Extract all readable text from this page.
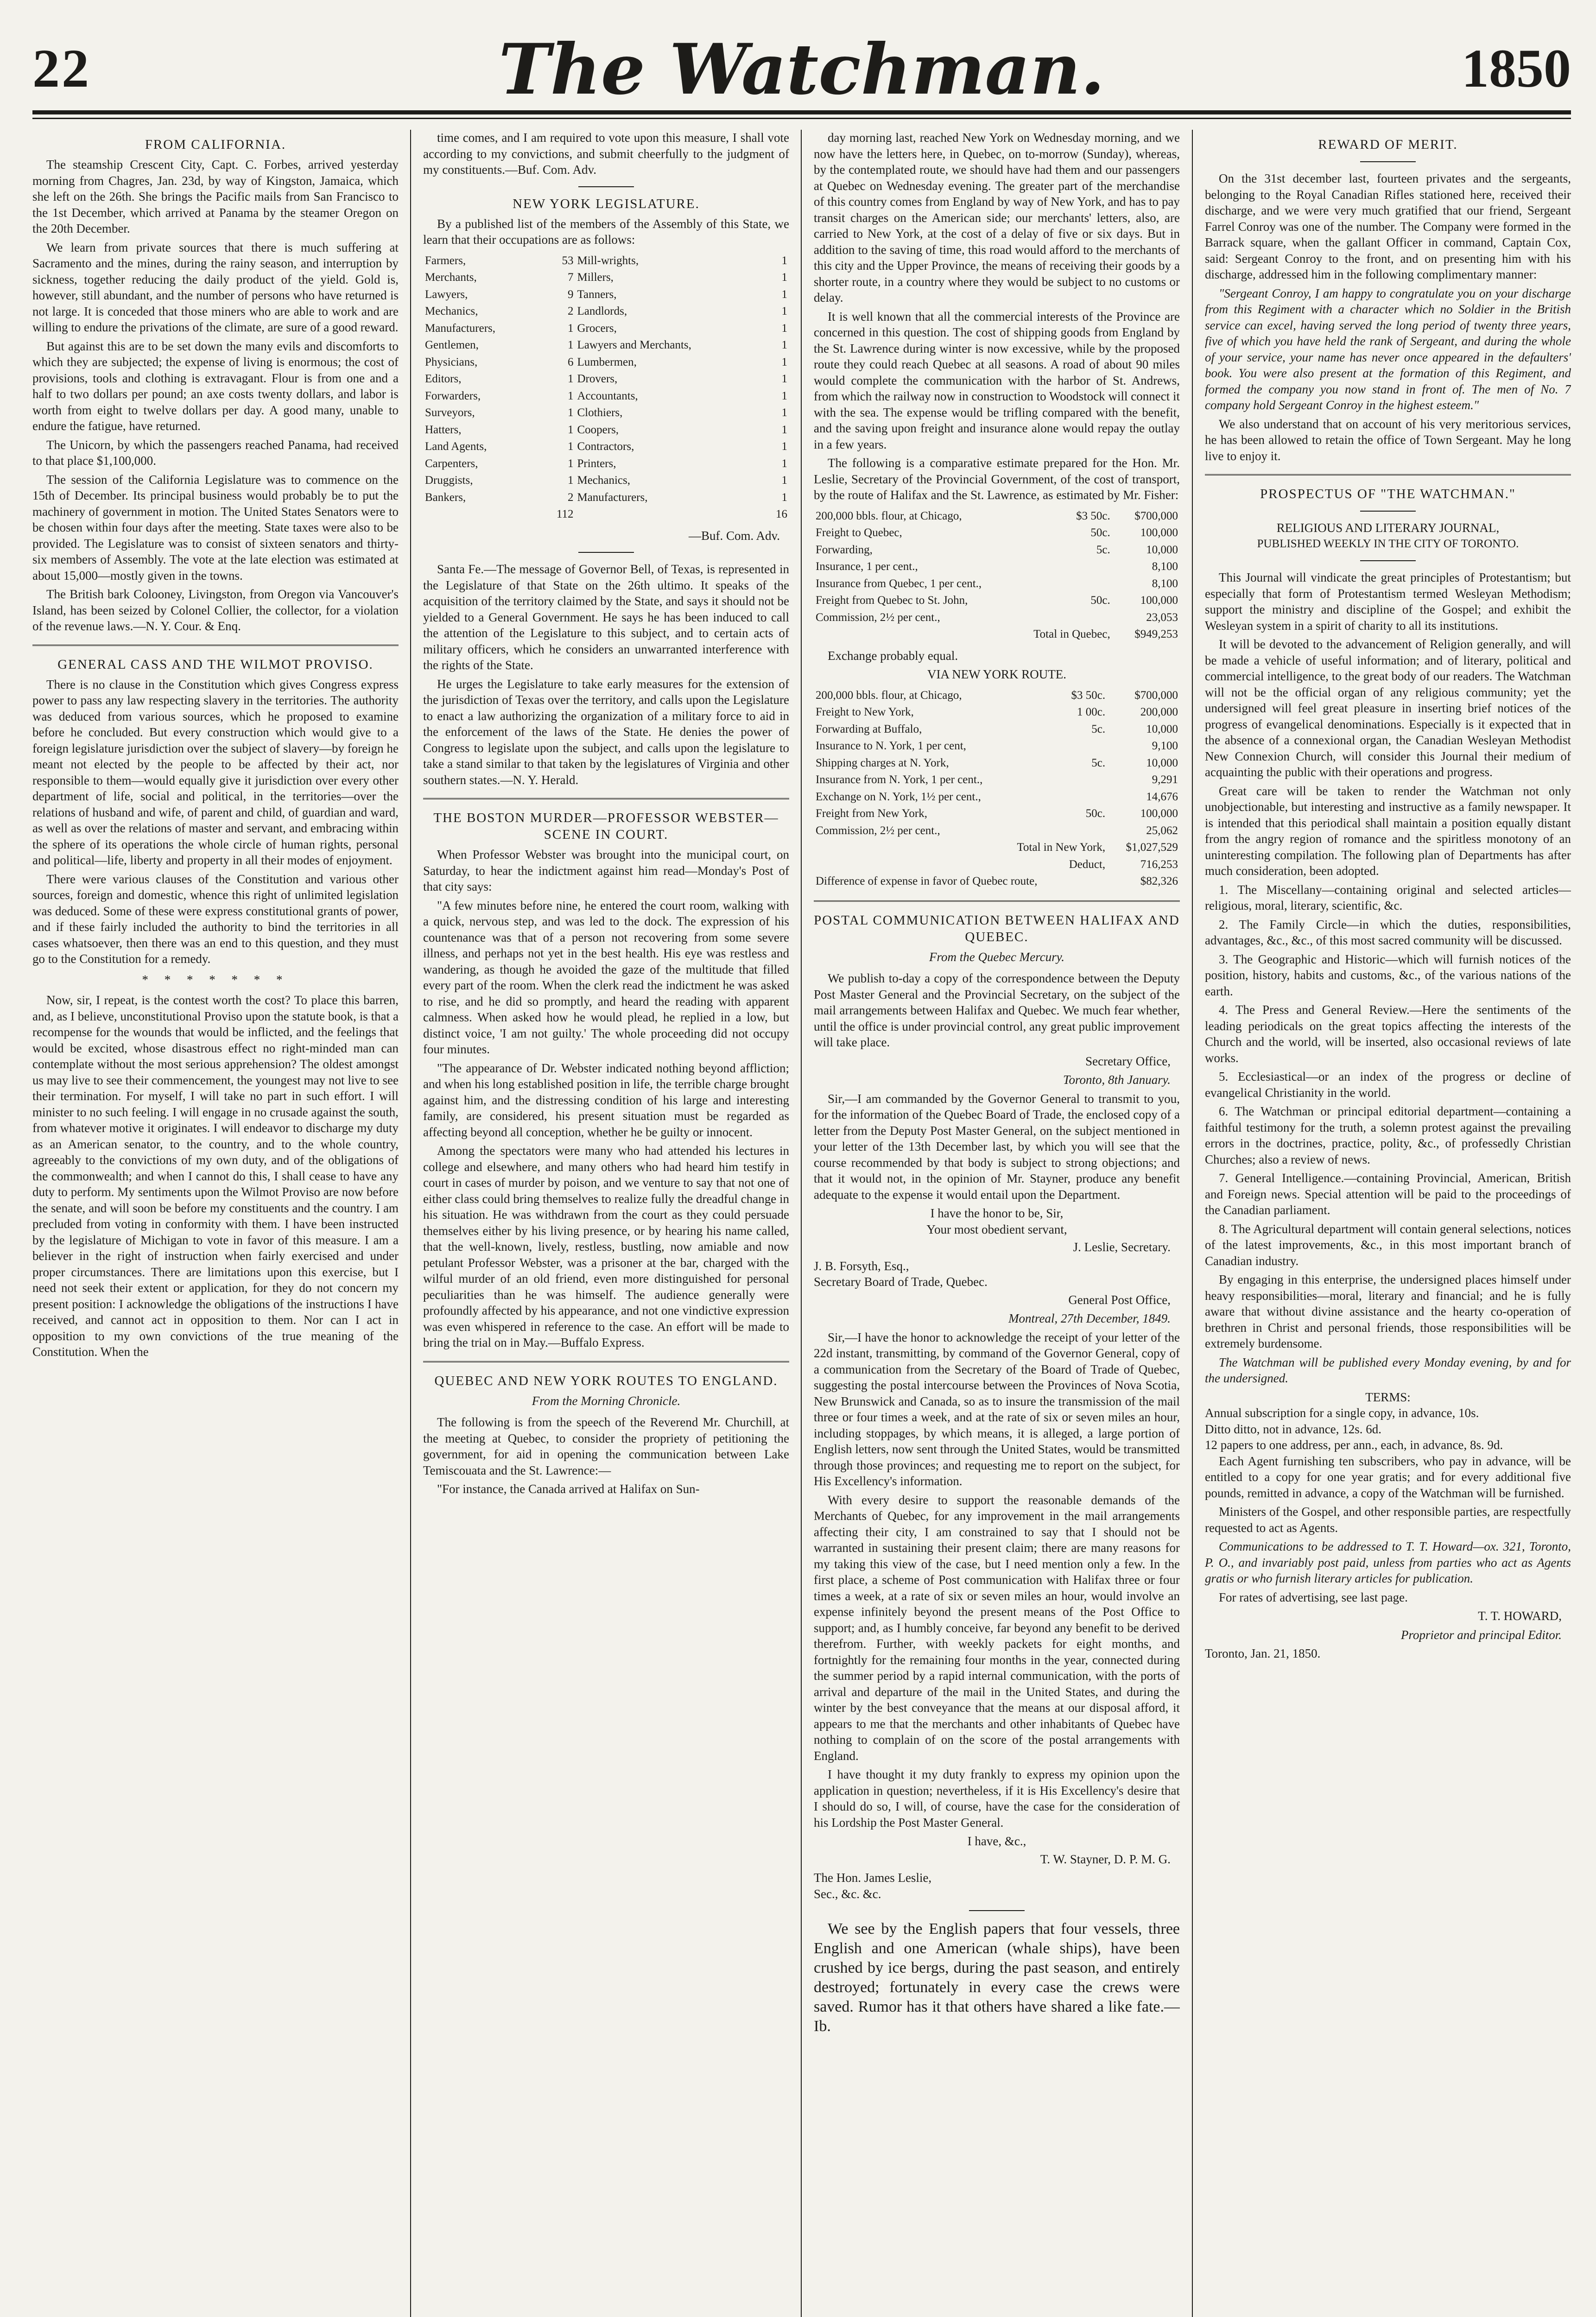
22	The Watchman.	1850
FROM CALIFORNIA.

The steamship Crescent City, Capt. C. Forbes, arrived yesterday morning from Chagres, Jan. 23d, by way of Kingston, Jamaica, which she left on the 26th. She brings the Pacific mails from San Francisco to the 1st December, which arrived at Panama by the steamer Oregon on the 20th December.

We learn from private sources that there is much suffering at Sacramento and the mines, during the rainy season, and interruption by sickness, together reducing the daily product of the yield. Gold is, however, still abundant, and the number of persons who have returned is not large. It is conceded that those miners who are able to work and are willing to endure the privations of the climate, are sure of a good reward.

But against this are to be set down the many evils and discomforts to which they are subjected; the expense of living is enormous; the cost of provisions, tools and clothing is extravagant. Flour is from one and a half to two dollars per pound; an axe costs twenty dollars, and labor is worth from eight to twelve dollars per day. A good many, unable to endure the fatigue, have returned.

The Unicorn, by which the passengers reached Panama, had received to that place $1,100,000.

The session of the California Legislature was to commence on the 15th of December. Its principal business would probably be to put the machinery of government in motion. The United States Senators were to be chosen within four days after the meeting. State taxes were also to be provided. The Legislature was to consist of sixteen senators and thirty-six members of Assembly. The vote at the late election was estimated at about 15,000—mostly given in the towns.

The British bark Colooney, Livingston, from Oregon via Vancouver's Island, has been seized by Colonel Collier, the collector, for a violation of the revenue laws.—N. Y. Cour. & Enq.

GENERAL CASS AND THE WILMOT PROVISO.

There is no clause in the Constitution which gives Congress express power to pass any law respecting slavery in the territories. The authority was deduced from various sources, which he proposed to examine before he concluded. But every construction which would give to a foreign legislature jurisdiction over the subject of slavery—by foreign he meant not elected by the people to be affected by their act, nor responsible to them—would equally give it jurisdiction over every other department of life, social and political, in the territories—over the relations of husband and wife, of parent and child, of guardian and ward, as well as over the relations of master and servant, and embracing within the sphere of its operations the whole circle of human rights, personal and political—life, liberty and property in all their modes of enjoyment.

There were various clauses of the Constitution and various other sources, foreign and domestic, whence this right of unlimited legislation was deduced. Some of these were express constitutional grants of power, and if these fairly included the authority to bind the territories in all cases whatsoever, then there was an end to this question, and they must go to the Constitution for a remedy.

* * * * * * *

Now, sir, I repeat, is the contest worth the cost? To place this barren, and, as I believe, unconstitutional Proviso upon the statute book, is that a recompense for the wounds that would be inflicted, and the feelings that would be excited, whose disastrous effect no right-minded man can contemplate without the most serious apprehension? The oldest amongst us may live to see their commencement, the youngest may not live to see their termination. For myself, I will take no part in such effort. I will minister to no such feeling. I will engage in no crusade against the south, from whatever motive it originates. I will endeavor to discharge my duty as an American senator, to the country, and to the whole country, agreeably to the convictions of my own duty, and of the obligations of the commonwealth; and when I cannot do this, I shall cease to have any duty to perform. My sentiments upon the Wilmot Proviso are now before the senate, and will soon be before my constituents and the country. I am precluded from voting in conformity with them. I have been instructed by the legislature of Michigan to vote in favor of this measure. I am a believer in the right of instruction when fairly exercised and under proper circumstances. There are limitations upon this exercise, but I need not seek their extent or application, for they do not concern my present position: I acknowledge the obligations of the instructions I have received, and cannot act in opposition to them. Nor can I act in opposition to my own convictions of the true meaning of the Constitution. When the

time comes, and I am required to vote upon this measure, I shall vote according to my convictions, and submit cheerfully to the judgment of my constituents.—Buf. Com. Adv.

NEW YORK LEGISLATURE.

By a published list of the members of the Assembly of this State, we learn that their occupations are as follows:

Farmers,	53	Mill-wrights,	1
Merchants,	7	Millers,	1
Lawyers,	9	Tanners,	1
Mechanics,	2	Landlords,	1
Manufacturers,	1	Grocers,	1
Gentlemen,	1	Lawyers and Merchants,	1
Physicians,	6	Lumbermen,	1
Editors,	1	Drovers,	1
Forwarders,	1	Accountants,	1
Surveyors,	1	Clothiers,	1
Hatters,	1	Coopers,	1
Land Agents,	1	Contractors,	1
Carpenters,	1	Printers,	1
Druggists,	1	Mechanics,	1
Bankers,	2	Manufacturers,	1
	112		16
—Buf. Com. Adv.

Santa Fe.—The message of Governor Bell, of Texas, is represented in the Legislature of that State on the 26th ultimo. It speaks of the acquisition of the territory claimed by the State, and says it should not be yielded to a General Government. He says he has been induced to call the attention of the Legislature to this subject, and to certain acts of military officers, which he considers an unwarranted interference with the rights of the State.

He urges the Legislature to take early measures for the extension of the jurisdiction of Texas over the territory, and calls upon the Legislature to enact a law authorizing the organization of a military force to aid in the enforcement of the laws of the State. He denies the power of Congress to legislate upon the subject, and calls upon the legislature to take a stand similar to that taken by the legislatures of Virginia and other southern states.—N. Y. Herald.

THE BOSTON MURDER—PROFESSOR WEBSTER—SCENE IN COURT.

When Professor Webster was brought into the municipal court, on Saturday, to hear the indictment against him read—Monday's Post of that city says:

"A few minutes before nine, he entered the court room, walking with a quick, nervous step, and was led to the dock. The expression of his countenance was that of a person not recovering from some severe illness, and perhaps not yet in the best health. His eye was restless and wandering, as though he avoided the gaze of the multitude that filled every part of the room. When the clerk read the indictment he was asked to rise, and he did so promptly, and heard the reading with apparent calmness. When asked how he would plead, he replied in a low, but distinct voice, 'I am not guilty.' The whole proceeding did not occupy four minutes.

"The appearance of Dr. Webster indicated nothing beyond affliction; and when his long established position in life, the terrible charge brought against him, and the distressing condition of his large and interesting family, are considered, his present situation must be regarded as affecting beyond all conception, whether he be guilty or innocent.

Among the spectators were many who had attended his lectures in college and elsewhere, and many others who had heard him testify in court in cases of murder by poison, and we venture to say that not one of either class could bring themselves to realize fully the dreadful change in his situation. He was withdrawn from the court as they could persuade themselves either by his living presence, or by hearing his name called, that the well-known, lively, restless, bustling, now amiable and now petulant Professor Webster, was a prisoner at the bar, charged with the wilful murder of an old friend, even more distinguished for personal peculiarities than he was himself. The audience generally were profoundly affected by his appearance, and not one vindictive expression was even whispered in reference to the case. An effort will be made to bring the trial on in May.—Buffalo Express.

QUEBEC AND NEW YORK ROUTES TO ENGLAND.
From the Morning Chronicle.

The following is from the speech of the Reverend Mr. Churchill, at the meeting at Quebec, to consider the propriety of petitioning the government, for aid in opening the communication between Lake Temiscouata and the St. Lawrence:—

"For instance, the Canada arrived at Halifax on Sun-

day morning last, reached New York on Wednesday morning, and we now have the letters here, in Quebec, on to-morrow (Sunday), whereas, by the contemplated route, we should have had them and our passengers at Quebec on Wednesday evening. The greater part of the merchandise of this country comes from England by way of New York, and has to pay transit charges on the American side; our merchants' letters, also, are carried to New York, at the cost of a delay of five or six days. But in addition to the saving of time, this road would afford to the merchants of this city and the Upper Province, the means of receiving their goods by a shorter route, in a country where they would be subject to no customs or delay.

It is well known that all the commercial interests of the Province are concerned in this question. The cost of shipping goods from England by the St. Lawrence during winter is now excessive, while by the proposed route they could reach Quebec at all seasons. A road of about 90 miles would complete the communication with the harbor of St. Andrews, from which the railway now in construction to Woodstock will connect it with the sea. The expense would be trifling compared with the benefit, and the saving upon freight and insurance alone would repay the outlay in a few years.

The following is a comparative estimate prepared for the Hon. Mr. Leslie, Secretary of the Provincial Government, of the cost of transport, by the route of Halifax and the St. Lawrence, as estimated by Mr. Fisher:

200,000 bbls. flour, at Chicago,	$3 50c.	$700,000
Freight to Quebec,	50c.	100,000
Forwarding,	5c.	10,000
Insurance, 1 per cent.,		8,100
Insurance from Quebec, 1 per cent.,		8,100
Freight from Quebec to St. John,	50c.	100,000
Commission, 2½ per cent.,		23,053
Total in Quebec,		$949,253

Exchange probably equal.

VIA NEW YORK ROUTE.
200,000 bbls. flour, at Chicago,	$3 50c.	$700,000
Freight to New York,	1 00c.	200,000
Forwarding at Buffalo,	5c.	10,000
Insurance to N. York, 1 per cent,		9,100
Shipping charges at N. York,	5c.	10,000
Insurance from N. York, 1 per cent.,		9,291
Exchange on N. York, 1½ per cent.,		14,676
Freight from New York,	50c.	100,000
Commission, 2½ per cent.,		25,062
Total in New York,		$1,027,529
Deduct,		716,253
Difference of expense in favor of Quebec route,		$82,326
POSTAL COMMUNICATION BETWEEN HALIFAX AND QUEBEC.
From the Quebec Mercury.

We publish to-day a copy of the correspondence between the Deputy Post Master General and the Provincial Secretary, on the subject of the mail arrangements between Halifax and Quebec. We much fear whether, until the office is under provincial control, any great public improvement will take place.

Secretary Office,
Toronto, 8th January.

Sir,—I am commanded by the Governor General to transmit to you, for the information of the Quebec Board of Trade, the enclosed copy of a letter from the Deputy Post Master General, on the subject mentioned in your letter of the 13th December last, by which you will see that the course recommended by that body is subject to strong objections; and that it would not, in the opinion of Mr. Stayner, produce any benefit adequate to the expense it would entail upon the Department.

I have the honor to be, Sir,
Your most obedient servant,
J. Leslie, Secretary.
J. B. Forsyth, Esq.,
Secretary Board of Trade, Quebec.
General Post Office,
Montreal, 27th December, 1849.

Sir,—I have the honor to acknowledge the receipt of your letter of the 22d instant, transmitting, by command of the Governor General, copy of a communication from the Secretary of the Board of Trade of Quebec, suggesting the postal intercourse between the Provinces of Nova Scotia, New Brunswick and Canada, so as to insure the transmission of the mail three or four times a week, and at the rate of six or seven miles an hour, including stoppages, by which means, it is alleged, a large portion of English letters, now sent through the United States, would be transmitted through those provinces; and requesting me to report on the subject, for His Excellency's information.

With every desire to support the reasonable demands of the Merchants of Quebec, for any improvement in the mail arrangements affecting their city, I am constrained to say that I should not be warranted in sustaining their present claim; there are many reasons for my taking this view of the case, but I need mention only a few. In the first place, a scheme of Post communication with Halifax three or four times a week, at a rate of six or seven miles an hour, would involve an expense infinitely beyond the present means of the Post Office to support; and, as I humbly conceive, far beyond any benefit to be derived therefrom. Further, with weekly packets for eight months, and fortnightly for the remaining four months in the year, connected during the summer period by a rapid internal communication, with the ports of arrival and departure of the mail in the United States, and during the winter by the best conveyance that the means at our disposal afford, it appears to me that the merchants and other inhabitants of Quebec have nothing to complain of on the score of the postal arrangements with England.

I have thought it my duty frankly to express my opinion upon the application in question; nevertheless, if it is His Excellency's desire that I should do so, I will, of course, have the case for the consideration of his Lordship the Post Master General.

I have, &c.,
T. W. Stayner, D. P. M. G.
The Hon. James Leslie,
Sec., &c. &c.

We see by the English papers that four vessels, three English and one American (whale ships), have been crushed by ice bergs, during the past season, and entirely destroyed; fortunately in every case the crews were saved. Rumor has it that others have shared a like fate.—Ib.

REWARD OF MERIT.

On the 31st december last, fourteen privates and the sergeants, belonging to the Royal Canadian Rifles stationed here, received their discharge, and we were very much gratified that our friend, Sergeant Farrel Conroy was one of the number. The Company were formed in the Barrack square, when the gallant Officer in command, Captain Cox, said: Sergeant Conroy to the front, and on presenting him with his discharge, addressed him in the following complimentary manner:

"Sergeant Conroy, I am happy to congratulate you on your discharge from this Regiment with a character which no Soldier in the British service can excel, having served the long period of twenty three years, five of which you have held the rank of Sergeant, and during the whole of your service, your name has never once appeared in the defaulters' book. You were also present at the formation of this Regiment, and formed the company you now stand in front of. The men of No. 7 company hold Sergeant Conroy in the highest esteem."

We also understand that on account of his very meritorious services, he has been allowed to retain the office of Town Sergeant. May he long live to enjoy it.

PROSPECTUS OF "THE WATCHMAN."
RELIGIOUS AND LITERARY JOURNAL,
PUBLISHED WEEKLY IN THE CITY OF TORONTO.

This Journal will vindicate the great principles of Protestantism; but especially that form of Protestantism termed Wesleyan Methodism; support the ministry and discipline of the Gospel; and exhibit the Wesleyan system in a spirit of charity to all its institutions.

It will be devoted to the advancement of Religion generally, and will be made a vehicle of useful information; and of literary, political and commercial intelligence, to the great body of our readers. The Watchman will not be the official organ of any religious community; yet the undersigned will feel great pleasure in inserting brief notices of the progress of evangelical denominations. Especially is it expected that in the absence of a connexional organ, the Canadian Wesleyan Methodist New Connexion Church, will consider this Journal their medium of acquainting the public with their operations and progress.

Great care will be taken to render the Watchman not only unobjectionable, but interesting and instructive as a family newspaper. It is intended that this periodical shall maintain a position equally distant from the angry region of romance and the spiritless monotony of an uninteresting compilation. The following plan of Departments has after much consideration, been adopted.

1. The Miscellany—containing original and selected articles—religious, moral, literary, scientific, &c.

2. The Family Circle—in which the duties, responsibilities, advantages, &c., &c., of this most sacred community will be discussed.

3. The Geographic and Historic—which will furnish notices of the position, history, habits and customs, &c., of the various nations of the earth.

4. The Press and General Review.—Here the sentiments of the leading periodicals on the great topics affecting the interests of the Church and the world, will be inserted, also occasional reviews of late works.

5. Ecclesiastical—or an index of the progress or decline of evangelical Christianity in the world.

6. The Watchman or principal editorial department—containing a faithful testimony for the truth, a solemn protest against the prevailing errors in the doctrines, practice, polity, &c., of professedly Christian Churches; also a review of news.

7. General Intelligence.—containing Provincial, American, British and Foreign news. Special attention will be paid to the proceedings of the Canadian parliament.

8. The Agricultural department will contain general selections, notices of the latest improvements, &c., in this most important branch of Canadian industry.

By engaging in this enterprise, the undersigned places himself under heavy responsibilities—moral, literary and financial; and he is fully aware that without divine assistance and the hearty co-operation of brethren in Christ and personal friends, those responsibilities will be extremely burdensome.

The Watchman will be published every Monday evening, by and for the undersigned.

TERMS:
Annual subscription for a single copy, in advance, 10s.
Ditto ditto, not in advance, 12s. 6d.
12 papers to one address, per ann., each, in advance, 8s. 9d.

Each Agent furnishing ten subscribers, who pay in advance, will be entitled to a copy for one year gratis; and for every additional five pounds, remitted in advance, a copy of the Watchman will be furnished.

Ministers of the Gospel, and other responsible parties, are respectfully requested to act as Agents.

Communications to be addressed to T. T. Howard—ox. 321, Toronto, P. O., and invariably post paid, unless from parties who act as Agents gratis or who furnish literary articles for publication.

For rates of advertising, see last page.

T. T. HOWARD,
Proprietor and principal Editor.
Toronto, Jan. 21, 1850.
